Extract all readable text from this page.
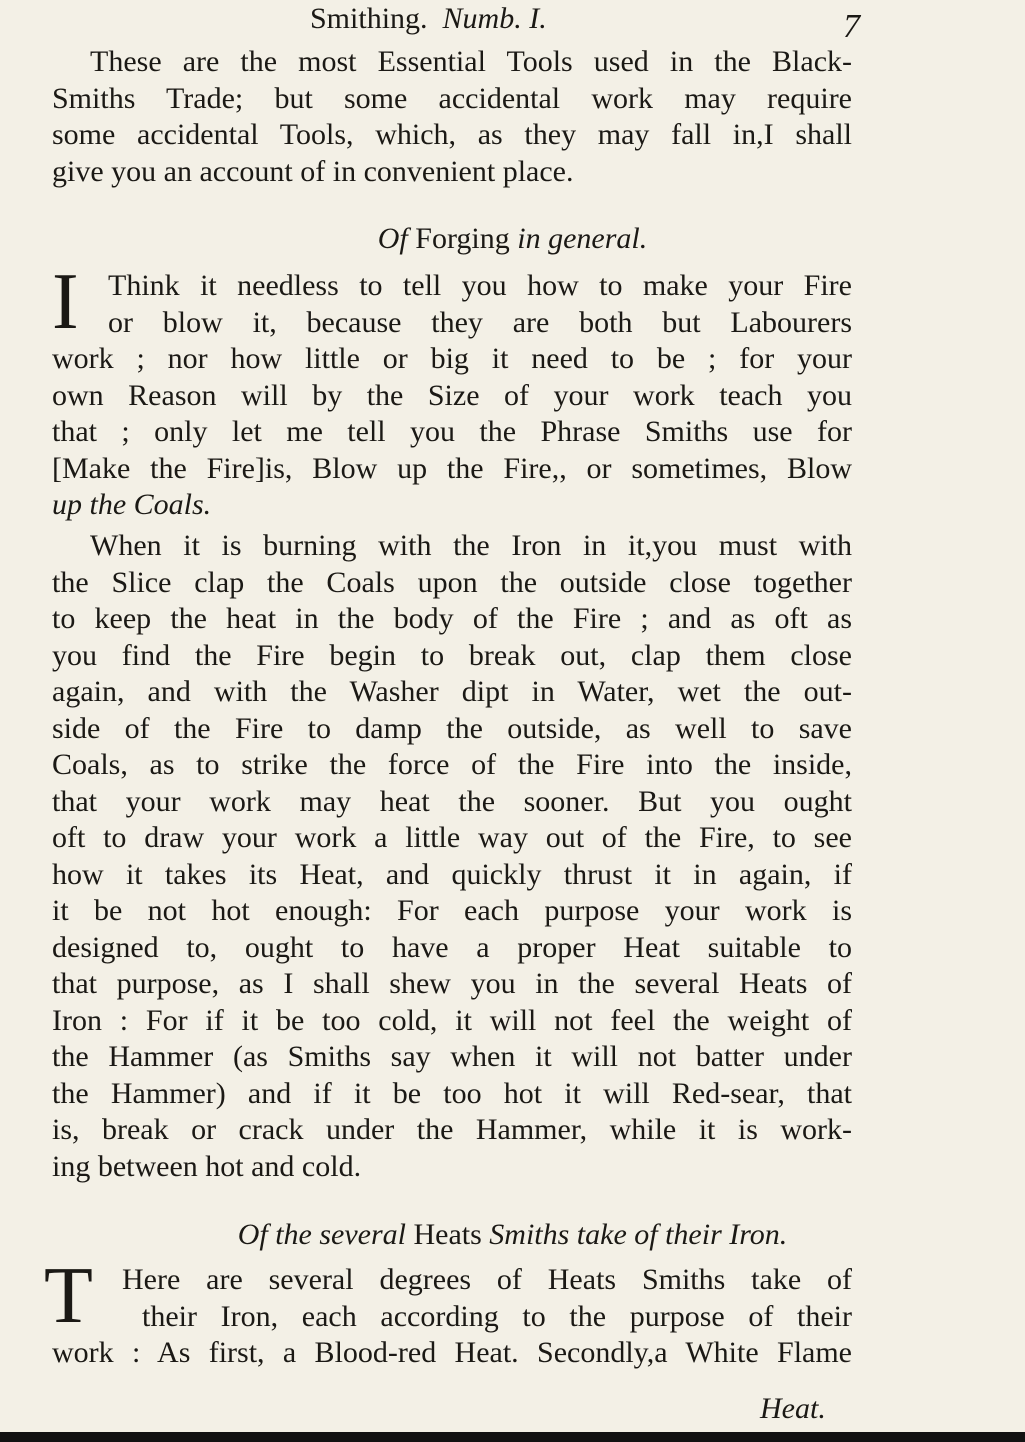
Smithing. Numb. I.	7
These are the most Essential Tools used in the Black-
Smiths Trade; but some accidental work may require
some accidental Tools, which, as they may fall in,I shall
give you an account of in convenient place.
Of Forging in general.
I Think it needless to tell you how to make your Fire
or blow it, because they are both but Labourers
work ; nor how little or big it need to be ; for your
own Reason will by the Size of your work teach you
that ; only let me tell you the Phrase Smiths use for
[Make the Fire]is, Blow up the Fire,, or sometimes, Blow
up the Coals.
When it is burning with the Iron in it,you must with
the Slice clap the Coals upon the outside close together
to keep the heat in the body of the Fire ; and as oft as
you find the Fire begin to break out, clap them close
again, and with the Washer dipt in Water, wet the out-
side of the Fire to damp the outside, as well to save
Coals, as to strike the force of the Fire into the inside,
that your work may heat the sooner. But you ought
oft to draw your work a little way out of the Fire, to see
how it takes its Heat, and quickly thrust it in again, if
it be not hot enough: For each purpose your work is
designed to, ought to have a proper Heat suitable to
that purpose, as I shall shew you in the several Heats of
Iron : For if it be too cold, it will not feel the weight of
the Hammer (as Smiths say when it will not batter under
the Hammer) and if it be too hot it will Red-sear, that
is, break or crack under the Hammer, while it is work-
ing between hot and cold.
Of the several Heats Smiths take of their Iron.
T Here are several degrees of Heats Smiths take of
their Iron, each according to the purpose of their
work : As first, a Blood-red Heat. Secondly,a White Flame
Heat.
